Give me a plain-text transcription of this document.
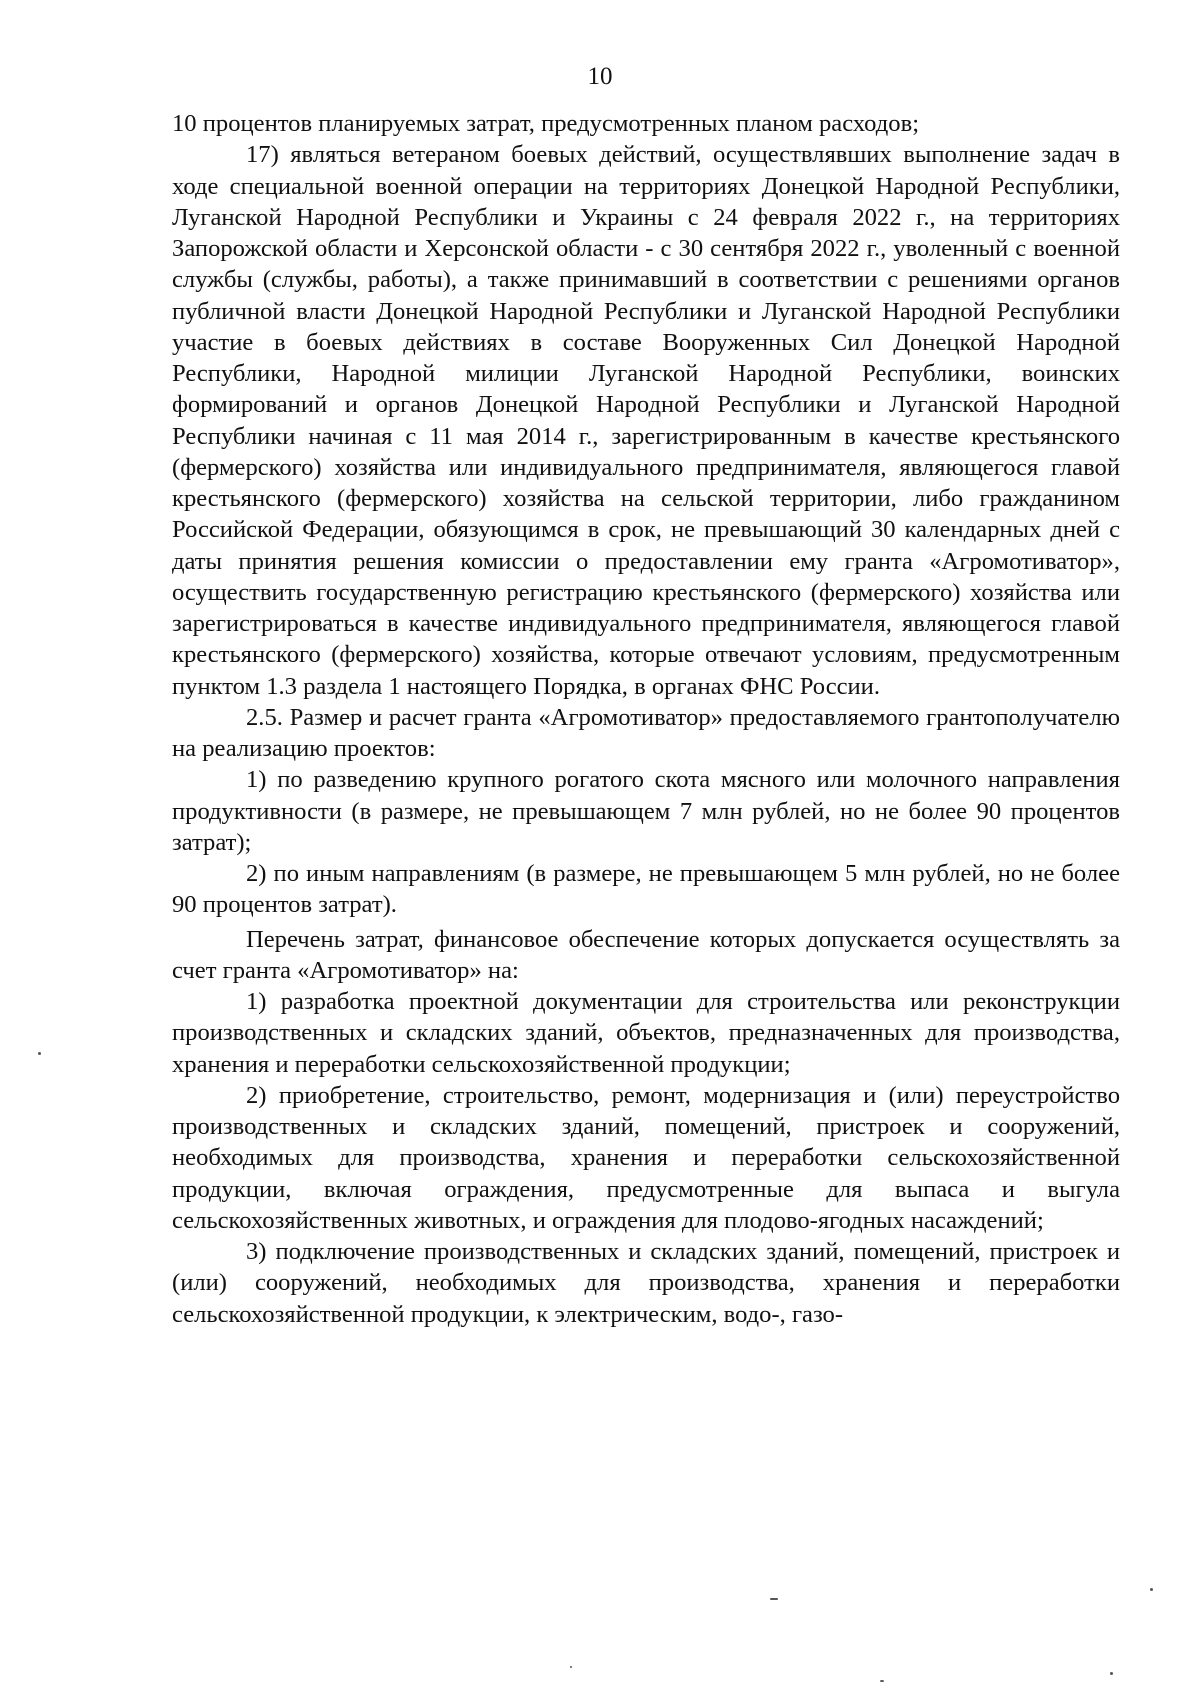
10

10 процентов планируемых затрат, предусмотренных планом расходов;

17) являться ветераном боевых действий, осуществлявших выполнение задач в ходе специальной военной операции на территориях Донецкой Народной Республики, Луганской Народной Республики и Украины с 24 февраля 2022 г., на территориях Запорожской области и Херсонской области - с 30 сентября 2022 г., уволенный с военной службы (службы, работы), а также принимавший в соответствии с решениями органов публичной власти Донецкой Народной Республики и Луганской Народной Республики участие в боевых действиях в составе Вооруженных Сил Донецкой Народной Республики, Народной милиции Луганской Народной Республики, воинских формирований и органов Донецкой Народной Республики и Луганской Народной Республики начиная с 11 мая 2014 г., зарегистрированным в качестве крестьянского (фермерского) хозяйства или индивидуального предпринимателя, являющегося главой крестьянского (фермерского) хозяйства на сельской территории, либо гражданином Российской Федерации, обязующимся в срок, не превышающий 30 календарных дней с даты принятия решения комиссии о предоставлении ему гранта «Агромотиватор», осуществить государственную регистрацию крестьянского (фермерского) хозяйства или зарегистрироваться в качестве индивидуального предпринимателя, являющегося главой крестьянского (фермерского) хозяйства, которые отвечают условиям, предусмотренным пунктом 1.3 раздела 1 настоящего Порядка, в органах ФНС России.

2.5. Размер и расчет гранта «Агромотиватор» предоставляемого грантополучателю на реализацию проектов:

1) по разведению крупного рогатого скота мясного или молочного направления продуктивности (в размере, не превышающем 7 млн рублей, но не более 90 процентов затрат);

2) по иным направлениям (в размере, не превышающем 5 млн рублей, но не более 90 процентов затрат).

Перечень затрат, финансовое обеспечение которых допускается осуществлять за счет гранта «Агромотиватор» на:

1) разработка проектной документации для строительства или реконструкции производственных и складских зданий, объектов, предназначенных для производства, хранения и переработки сельскохозяйственной продукции;

2) приобретение, строительство, ремонт, модернизация и (или) переустройство производственных и складских зданий, помещений, пристроек и сооружений, необходимых для производства, хранения и переработки сельскохозяйственной продукции, включая ограждения, предусмотренные для выпаса и выгула сельскохозяйственных животных, и ограждения для плодово-ягодных насаждений;

3) подключение производственных и складских зданий, помещений, пристроек и (или) сооружений, необходимых для производства, хранения и переработки сельскохозяйственной продукции, к электрическим, водо-, газо-
